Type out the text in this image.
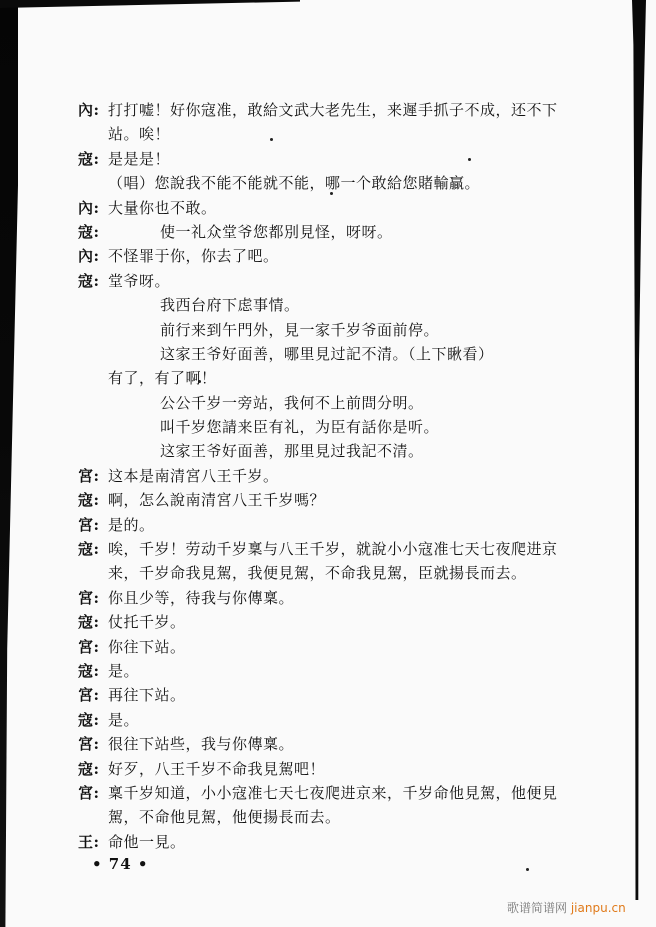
內: 打打嘘！好你寇准，敢給文武大老先生，来遲手抓子不成，还不下
站。唉！
寇: 是是是！
（唱）您說我不能不能就不能，哪一个敢給您賭輸贏。
內: 大量你也不敢。
寇:	使一礼众堂爷您都別見怪，呀呀。
內: 不怪罪于你，你去了吧。
寇: 堂爷呀。
我西台府下虑事情。
前行来到午門外，見一家千岁爷面前停。
这家王爷好面善，哪里見过記不清。（上下瞅看）
有了，有了啊！
公公千岁一旁站，我何不上前問分明。
叫千岁您請来臣有礼，为臣有話你是听。
这家王爷好面善，那里見过我記不清。
宮: 这本是南清宮八王千岁。
寇: 啊，怎么說南清宮八王千岁嗎？
宮: 是的。
寇: 唉，千岁！劳动千岁稟与八王千岁，就說小小寇准七天七夜爬进京
来，千岁命我見駕，我便見駕，不命我見駕，臣就揚長而去。
宮: 你且少等，待我与你傳稟。
寇: 仗托千岁。
宮: 你往下站。
寇: 是。
宮: 再往下站。
寇: 是。
宮: 很往下站些，我与你傳稟。
寇: 好歹，八王千岁不命我見駕吧！
宮: 稟千岁知道，小小寇准七天七夜爬进京来，千岁命他見駕，他便見
駕，不命他見駕，他便揚長而去。
王: 命他一見。
• 74 •
歌谱简谱网 jianpu.cn
